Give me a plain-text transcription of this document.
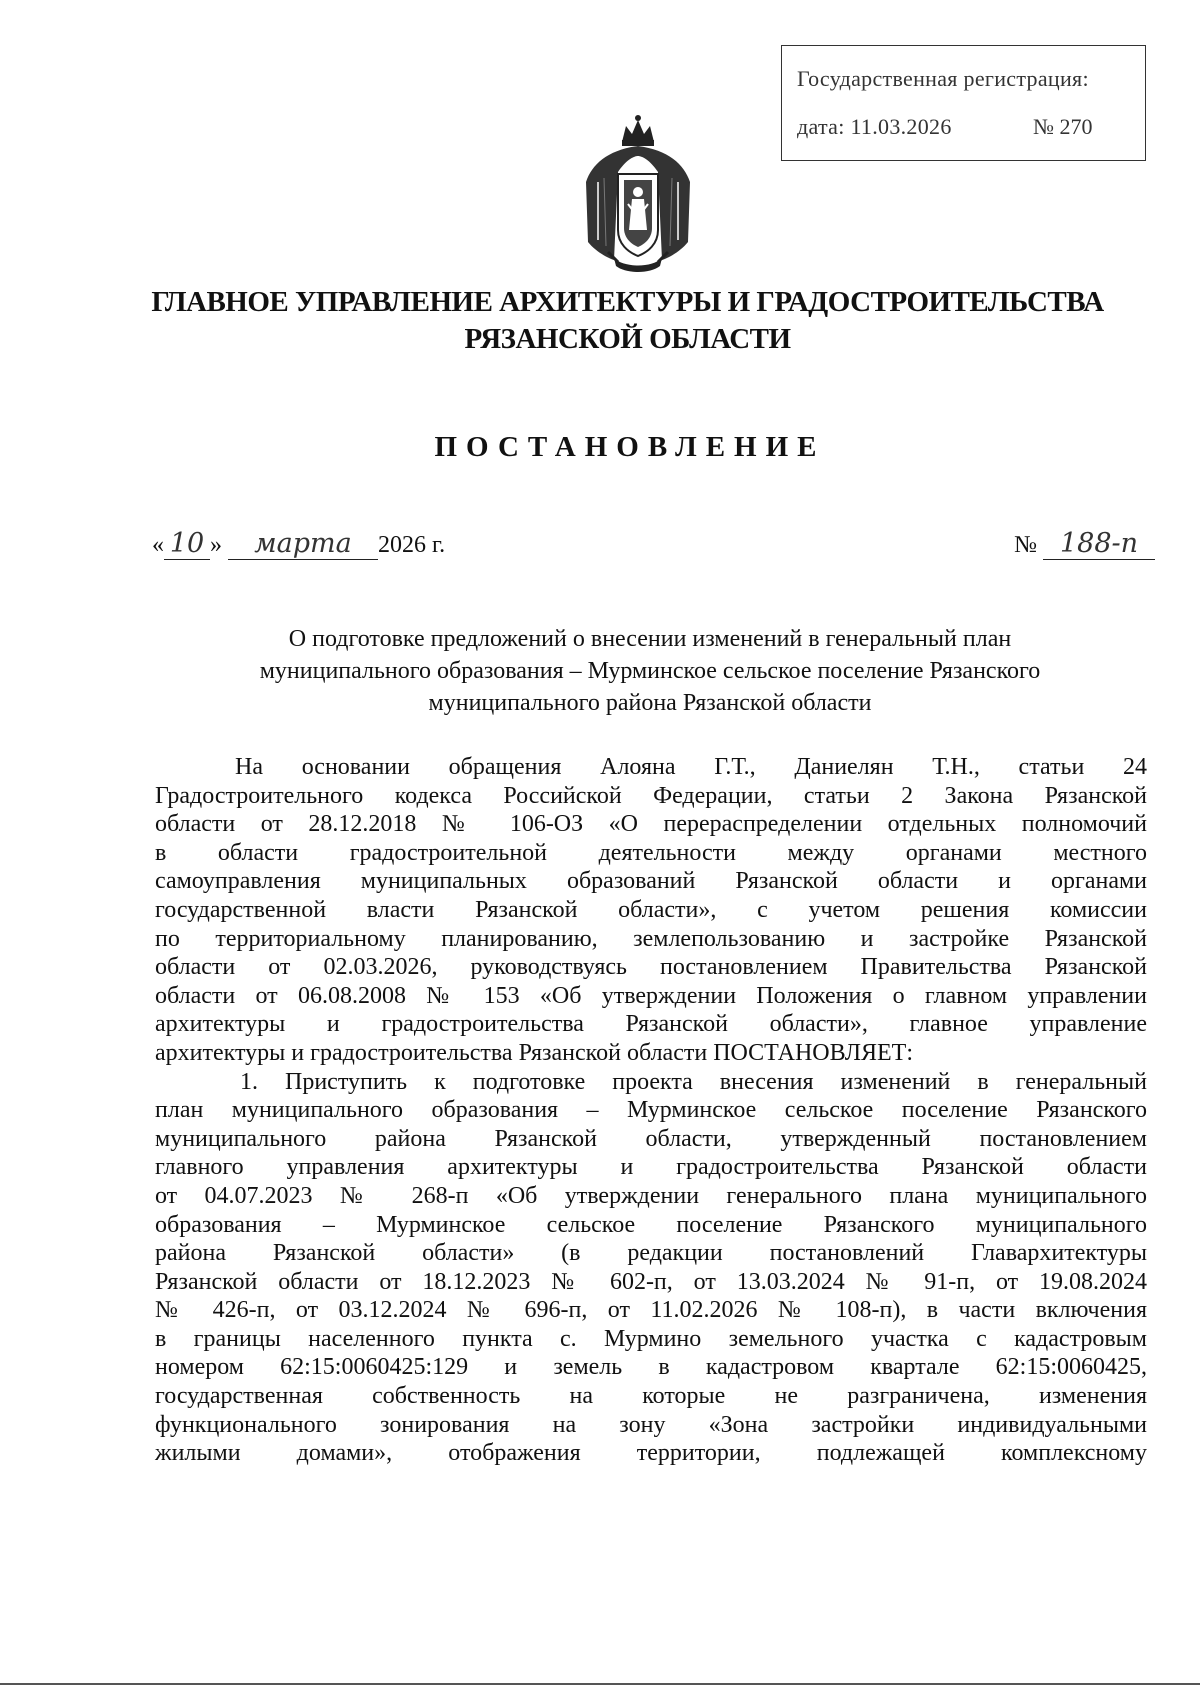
Государственная регистрация:
дата: 11.03.2026	№ 270
ГЛАВНОЕ УПРАВЛЕНИЕ АРХИТЕКТУРЫ И ГРАДОСТРОИТЕЛЬСТВА
РЯЗАНСКОЙ ОБЛАСТИ
ПОСТАНОВЛЕНИЕ
« 10 » марта 2026 г.	№ 188-п
О подготовке предложений о внесении изменений в генеральный план
муниципального образования – Мурминское сельское поселение Рязанского
муниципального района Рязанской области
На основании обращения Алояна Г.Т., Даниелян Т.Н., статьи 24
Градостроительного кодекса Российской Федерации, статьи 2 Закона Рязанской
области от 28.12.2018 № 106-ОЗ «О перераспределении отдельных полномочий
в области градостроительной деятельности между органами местного
самоуправления муниципальных образований Рязанской области и органами
государственной власти Рязанской области», с учетом решения комиссии
по территориальному планированию, землепользованию и застройке Рязанской
области от 02.03.2026, руководствуясь постановлением Правительства Рязанской
области от 06.08.2008 № 153 «Об утверждении Положения о главном управлении
архитектуры и градостроительства Рязанской области», главное управление
архитектуры и градостроительства Рязанской области ПОСТАНОВЛЯЕТ:
1. Приступить к подготовке проекта внесения изменений в генеральный
план муниципального образования – Мурминское сельское поселение Рязанского
муниципального района Рязанской области, утвержденный постановлением
главного управления архитектуры и градостроительства Рязанской области
от 04.07.2023 № 268-п «Об утверждении генерального плана муниципального
образования – Мурминское сельское поселение Рязанского муниципального
района Рязанской области» (в редакции постановлений Главархитектуры
Рязанской области от 18.12.2023 № 602-п, от 13.03.2024 № 91-п, от 19.08.2024
№ 426-п, от 03.12.2024 № 696-п, от 11.02.2026 № 108-п), в части включения
в границы населенного пункта с. Мурмино земельного участка с кадастровым
номером 62:15:0060425:129 и земель в кадастровом квартале 62:15:0060425,
государственная собственность на которые не разграничена, изменения
функционального зонирования на зону «Зона застройки индивидуальными
жилыми домами», отображения территории, подлежащей комплексному
